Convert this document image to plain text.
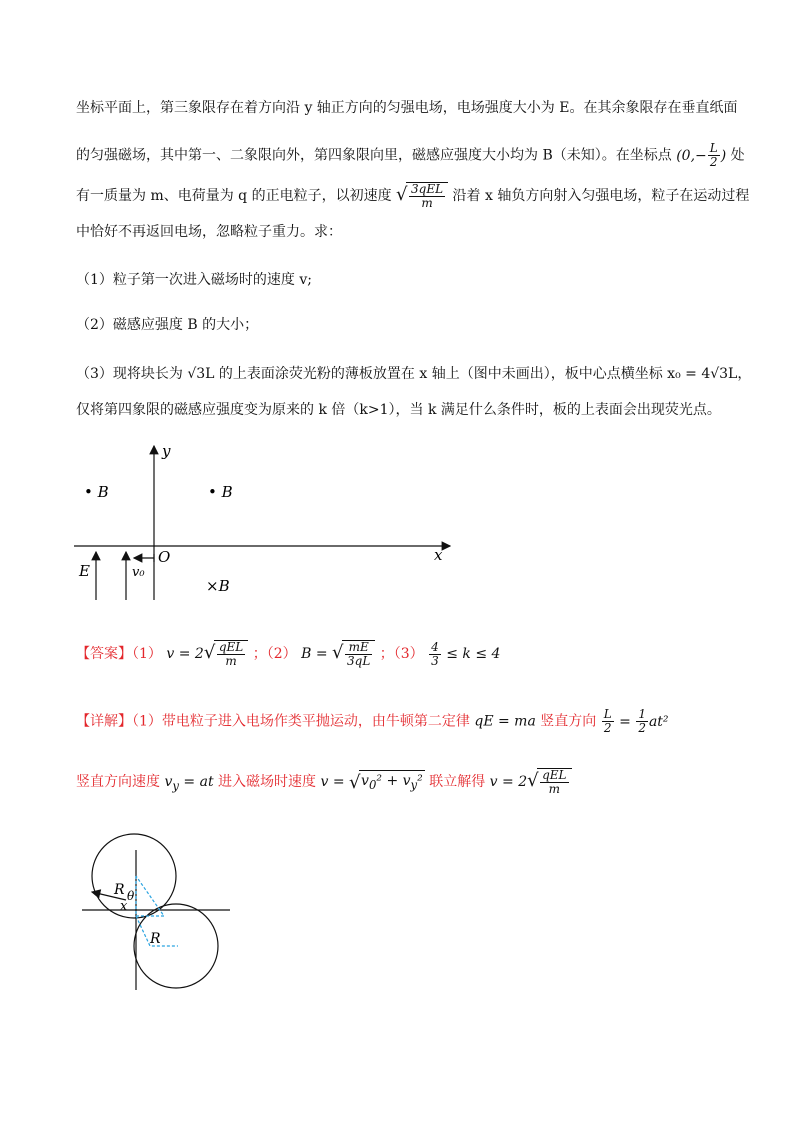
坐标平面上，第三象限存在着方向沿 y 轴正方向的匀强电场，电场强度大小为 E。在其余象限存在垂直纸面
的匀强磁场，其中第一、二象限向外，第四象限向里，磁感应强度大小均为 B（未知）。在坐标点 ($0,- \frac{L}{2}$ ) 处
有一质量为 m、电荷量为 q 的正电粒子，以初速度 √ $\frac{\text{3qEL}}{m}$ 沿着 x 轴负方向射入匀强电场，粒子在运动过程
中恰好不再返回电场，忽略粒子重力。求：
（1）粒子第一次进入磁场时的速度 v;
（2）磁感应强度 B 的大小；
（3）现将块长为 √3L 的上表面涂荧光粉的薄板放置在 x 轴上（图中未画出），板中心点横坐标 x₀ = 4√3L，
仅将第四象限的磁感应强度变为原来的 k 倍（k>1），当 k 满足什么条件时，板的上表面会出现荧光点。
y
x
O
• B	• B
×B
E	v₀
【答案】（1） v = 2 √ $\frac{\text{qEL}}{m}$ ；（2） B = √ $\frac{mE}{3qL}$ ；$(3) \frac{4}{3} \le k \le 4$
【详解】（1）带电粒子进入电场作类平抛运动，由牛顿第二定律 qE = ma 竖直方向 $\frac{L}{2} = \frac{1}{2} at^2$
竖直方向速度 $v_y$ = at 进入磁场时速度 v = √ $v_0^2 + v_y^2$ 联立解得 v = 2 √ $\frac{\text{qEL}}{m}$
R θ
x
R
